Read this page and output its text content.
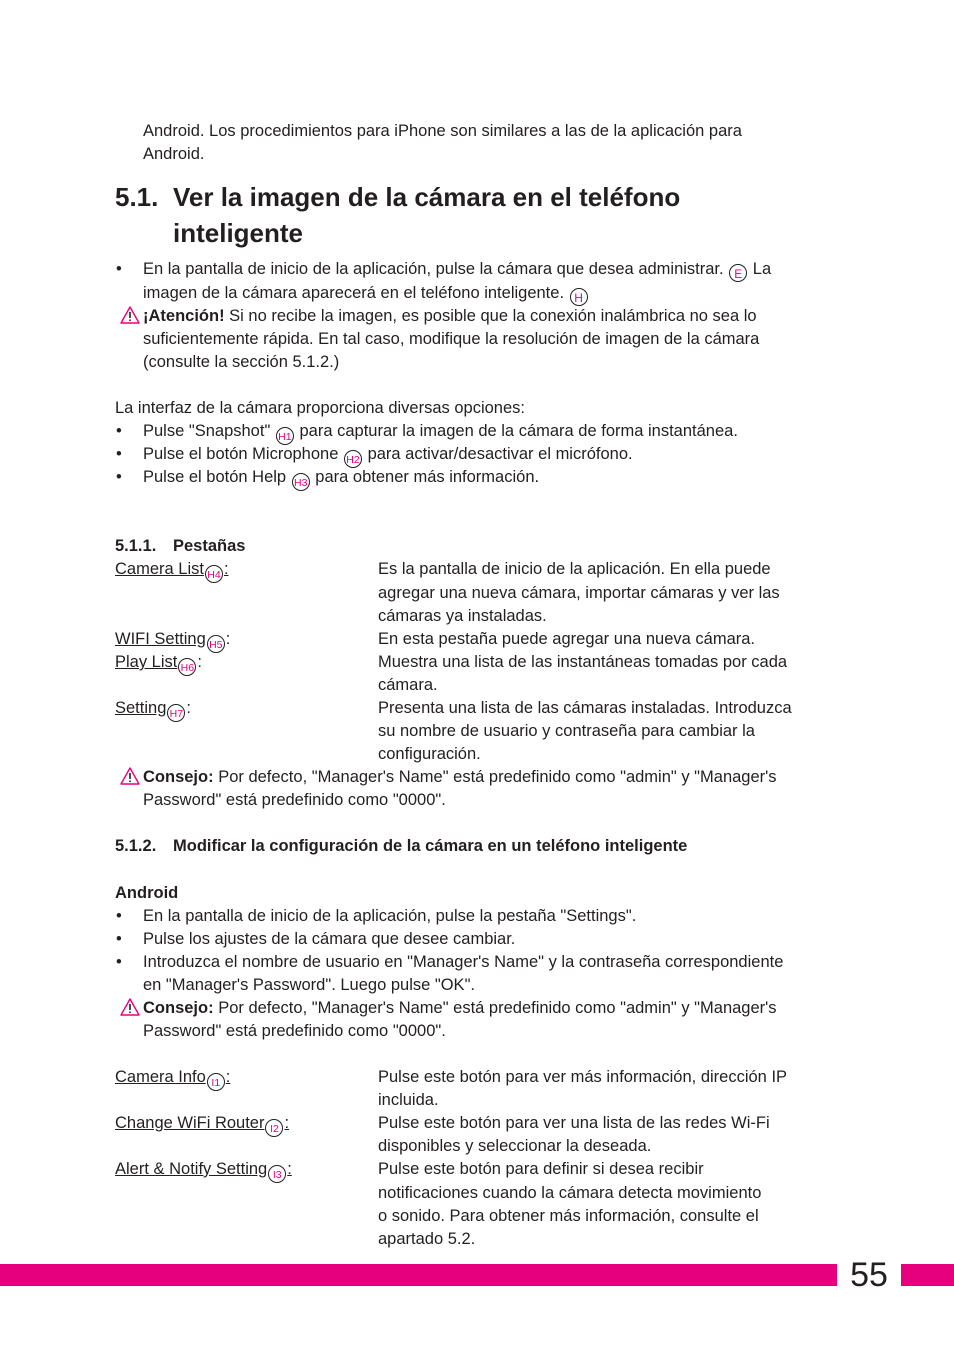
Android. Los procedimientos para iPhone son similares a las de la aplicación para
Android.
5.1. Ver la imagen de la cámara en el teléfono
inteligente
• En la pantalla de inicio de la aplicación, pulse la cámara que desea administrar. E La
imagen de la cámara aparecerá en el teléfono inteligente. H
¡Atención! Si no recibe la imagen, es posible que la conexión inalámbrica no sea lo
suficientemente rápida. En tal caso, modifique la resolución de imagen de la cámara
(consulte la sección 5.1.2.)
La interfaz de la cámara proporciona diversas opciones:
• Pulse "Snapshot" H1 para capturar la imagen de la cámara de forma instantánea.
• Pulse el botón Microphone H2 para activar/desactivar el micrófono.
• Pulse el botón Help H3 para obtener más información.
5.1.1. Pestañas
Camera List H4 :	Es la pantalla de inicio de la aplicación. En ella puede
agregar una nueva cámara, importar cámaras y ver las
cámaras ya instaladas.
WIFI Setting H5 :	En esta pestaña puede agregar una nueva cámara.
Play List H6 :	Muestra una lista de las instantáneas tomadas por cada
cámara.
Setting H7 :	Presenta una lista de las cámaras instaladas. Introduzca
su nombre de usuario y contraseña para cambiar la
configuración.
Consejo: Por defecto, "Manager's Name" está predefinido como "admin" y "Manager's
Password" está predefinido como "0000".
5.1.2. Modificar la configuración de la cámara en un teléfono inteligente
Android
• En la pantalla de inicio de la aplicación, pulse la pestaña "Settings".
• Pulse los ajustes de la cámara que desee cambiar.
• Introduzca el nombre de usuario en "Manager's Name" y la contraseña correspondiente
en "Manager's Password". Luego pulse "OK".
Consejo: Por defecto, "Manager's Name" está predefinido como "admin" y "Manager's
Password" está predefinido como "0000".
Camera Info I1 :	Pulse este botón para ver más información, dirección IP
incluida.
Change WiFi Router I2 :	Pulse este botón para ver una lista de las redes Wi-Fi
disponibles y seleccionar la deseada.
Alert & Notify Setting I3 :	Pulse este botón para definir si desea recibir
notificaciones cuando la cámara detecta movimiento
o sonido. Para obtener más información, consulte el
apartado 5.2.
55
